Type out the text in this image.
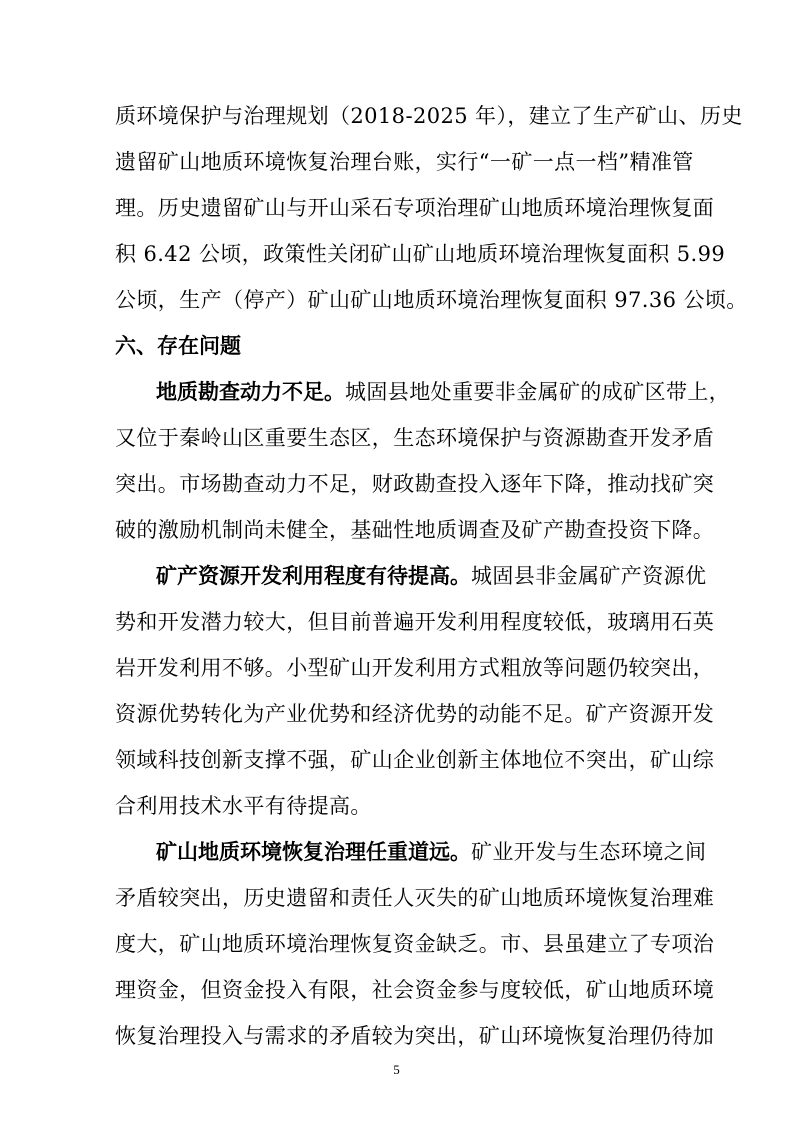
质环境保护与治理规划（2018-2025 年），建立了生产矿山、历史
遗留矿山地质环境恢复治理台账，实行“一矿一点一档”精准管
理。历史遗留矿山与开山采石专项治理矿山地质环境治理恢复面
积 6.42 公顷，政策性关闭矿山矿山地质环境治理恢复面积 5.99
公顷，生产（停产）矿山矿山地质环境治理恢复面积 97.36 公顷。
六、存在问题
地质勘查动力不足。城固县地处重要非金属矿的成矿区带上，
又位于秦岭山区重要生态区，生态环境保护与资源勘查开发矛盾
突出。市场勘查动力不足，财政勘查投入逐年下降，推动找矿突
破的激励机制尚未健全，基础性地质调查及矿产勘查投资下降。
矿产资源开发利用程度有待提高。城固县非金属矿产资源优
势和开发潜力较大，但目前普遍开发利用程度较低，玻璃用石英
岩开发利用不够。小型矿山开发利用方式粗放等问题仍较突出，
资源优势转化为产业优势和经济优势的动能不足。矿产资源开发
领域科技创新支撑不强，矿山企业创新主体地位不突出，矿山综
合利用技术水平有待提高。
矿山地质环境恢复治理任重道远。矿业开发与生态环境之间
矛盾较突出，历史遗留和责任人灭失的矿山地质环境恢复治理难
度大，矿山地质环境治理恢复资金缺乏。市、县虽建立了专项治
理资金，但资金投入有限，社会资金参与度较低，矿山地质环境
恢复治理投入与需求的矛盾较为突出，矿山环境恢复治理仍待加
5
